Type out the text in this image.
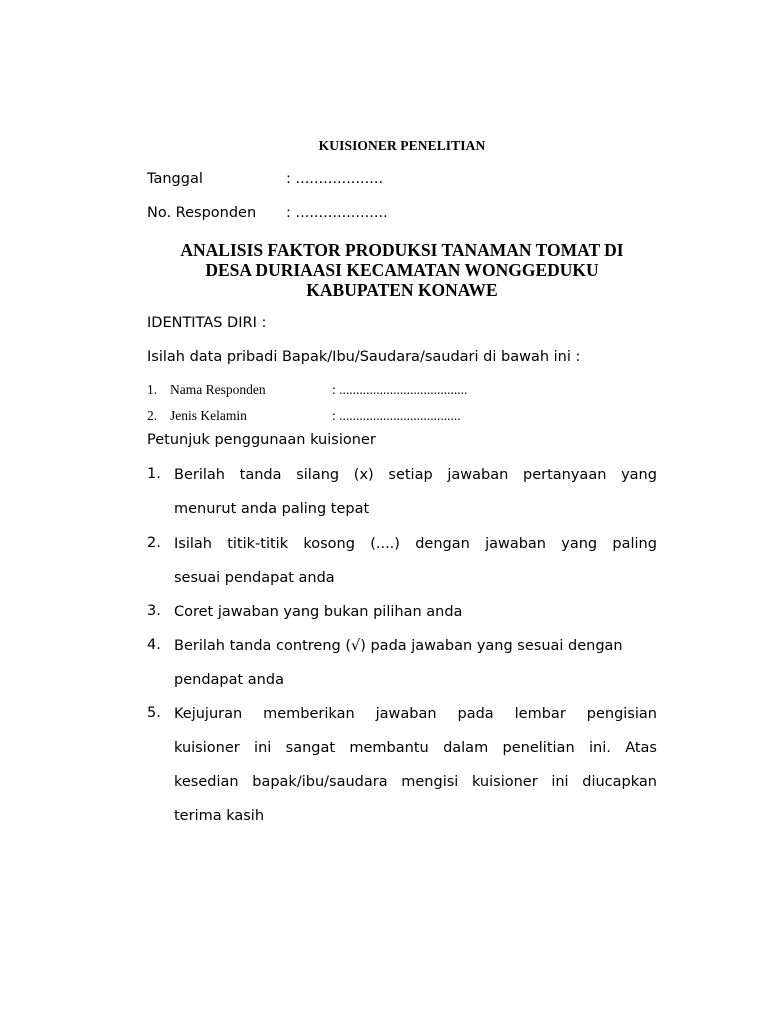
KUISIONER PENELITIAN
Tanggal	: ...................
No. Responden : ....................
ANALISIS FAKTOR PRODUKSI TANAMAN TOMAT DI
DESA DURIAASI KECAMATAN WONGGEDUKU
KABUPATEN KONAWE
IDENTITAS DIRI :
Isilah data pribadi Bapak/Ibu/Saudara/saudari di bawah ini :
1. Nama Responden	: ......................................
2. Jenis Kelamin	: ....................................
Petunjuk penggunaan kuisioner
1. Berilah tanda silang (x) setiap jawaban pertanyaan yang
menurut anda paling tepat
2. Isilah titik-titik kosong (....) dengan jawaban yang paling
sesuai pendapat anda
3. Coret jawaban yang bukan pilihan anda
4. Berilah tanda contreng (√) pada jawaban yang sesuai dengan
pendapat anda
5. Kejujuran memberikan jawaban pada lembar pengisian
kuisioner ini sangat membantu dalam penelitian ini. Atas
kesedian bapak/ibu/saudara mengisi kuisioner ini diucapkan
terima kasih
